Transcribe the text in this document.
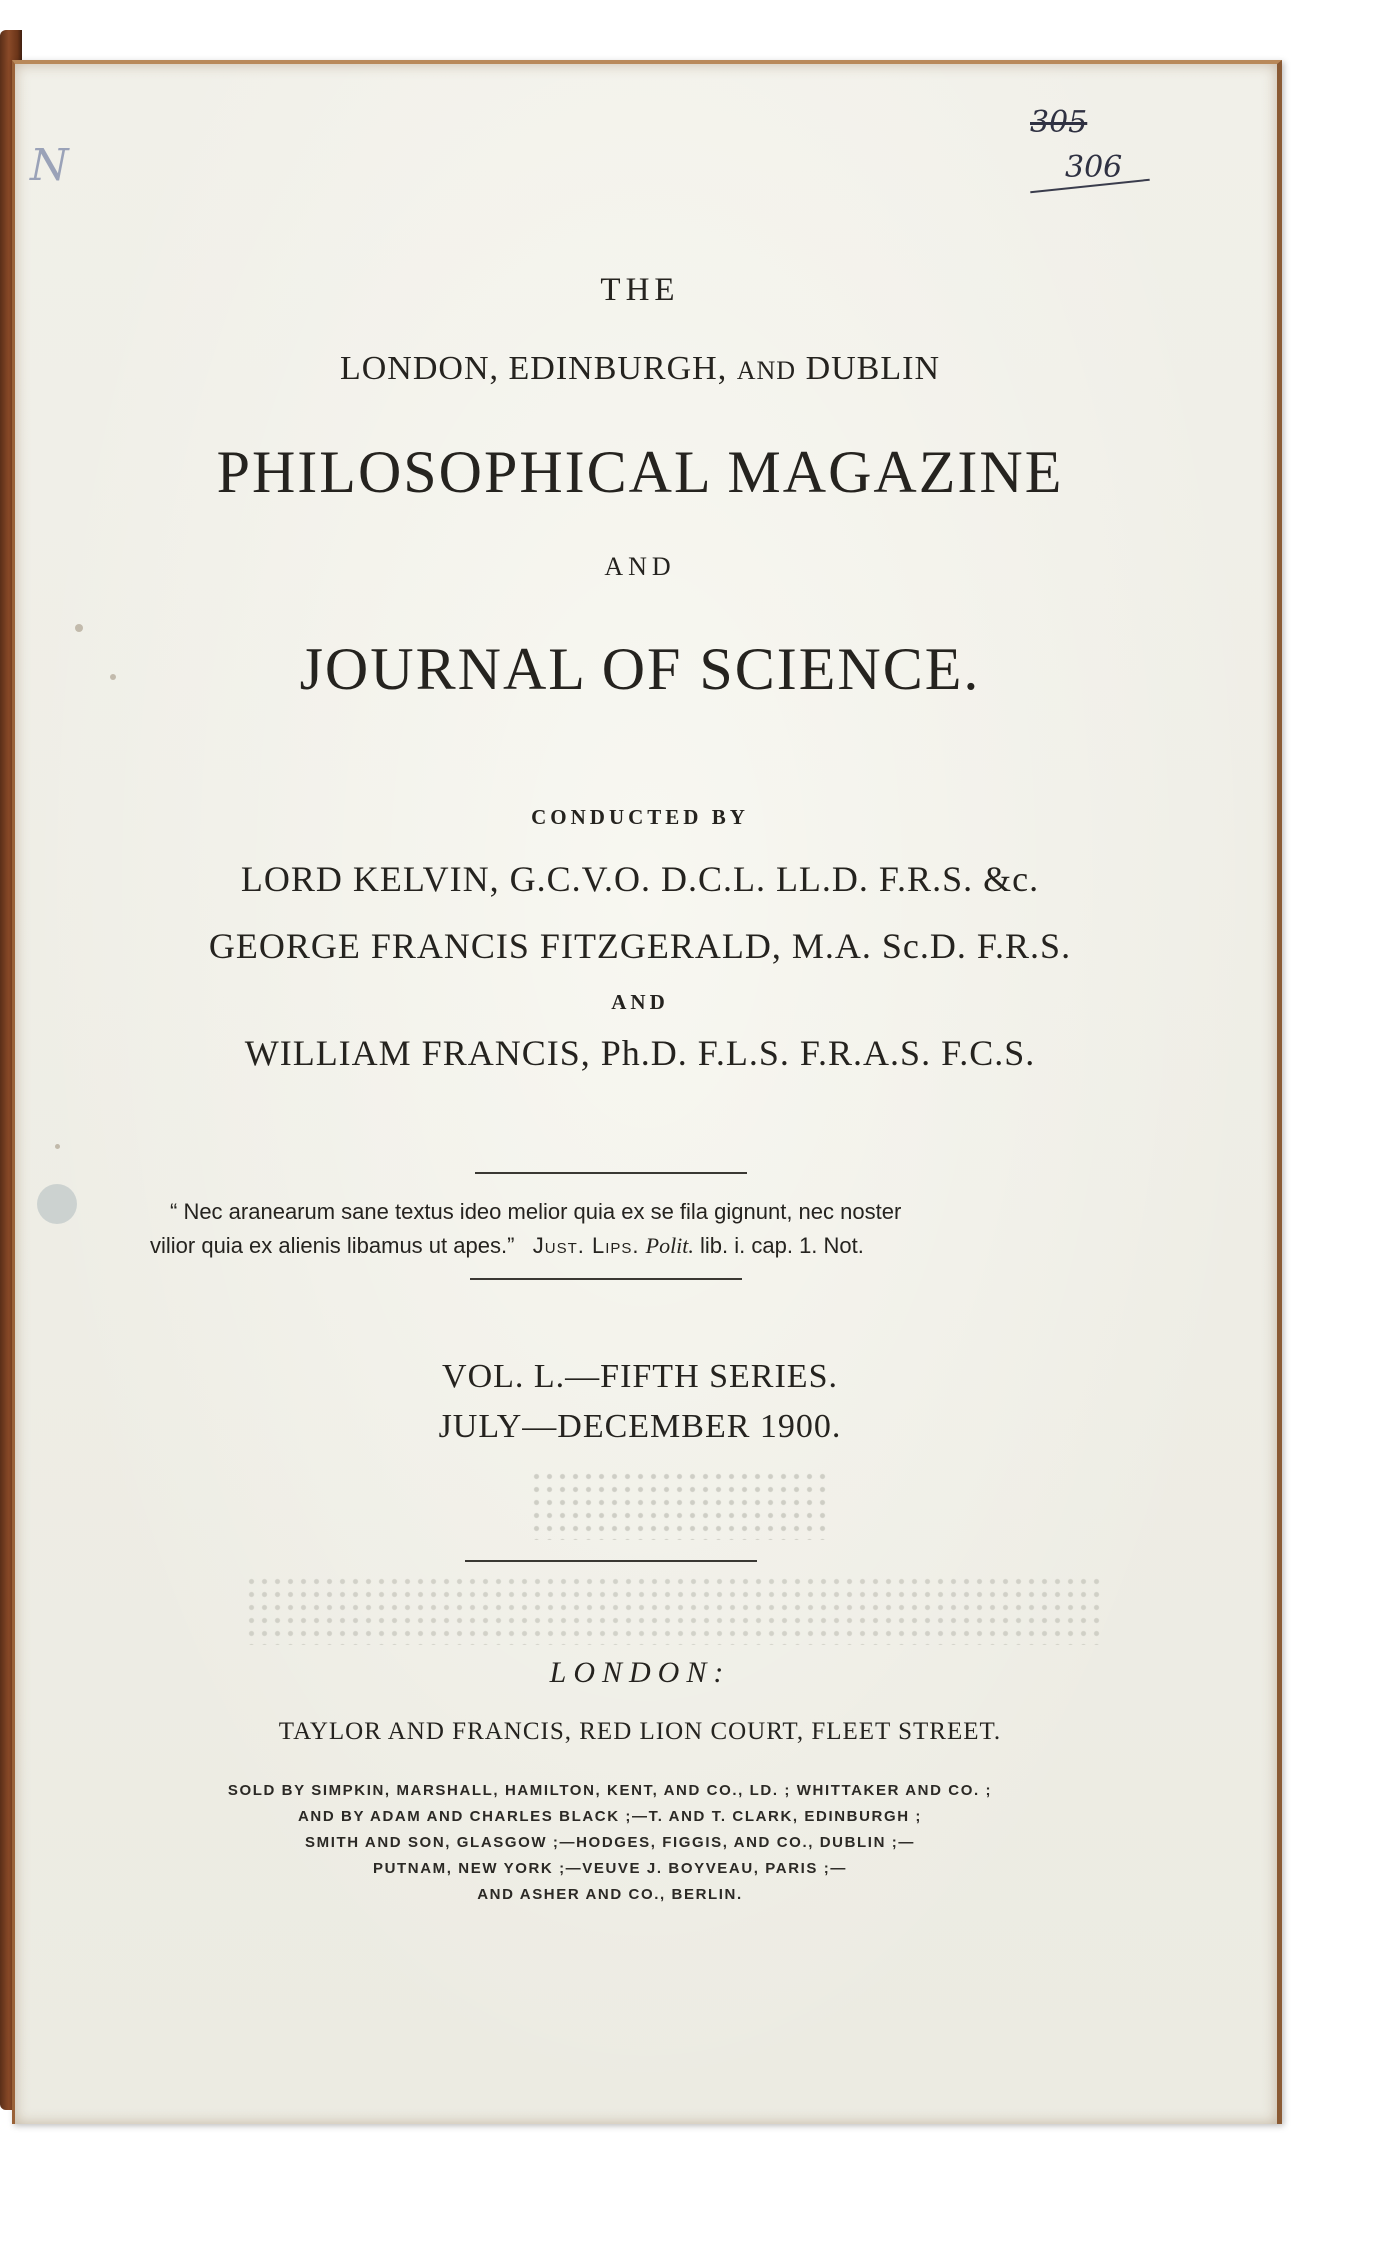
N
305
306
THE
LONDON, EDINBURGH, AND DUBLIN
PHILOSOPHICAL MAGAZINE
AND
JOURNAL OF SCIENCE.
CONDUCTED BY
LORD KELVIN, G.C.V.O. D.C.L. LL.D. F.R.S. &c.
GEORGE FRANCIS FITZGERALD, M.A. Sc.D. F.R.S.
AND
WILLIAM FRANCIS, Ph.D. F.L.S. F.R.A.S. F.C.S.
“ Nec aranearum sane textus ideo melior quia ex se fila gignunt, nec noster
vilior quia ex alienis libamus ut apes.” Just. Lips. Polit. lib. i. cap. 1. Not.
VOL. L.—FIFTH SERIES.
JULY—DECEMBER 1900.
LONDON:
TAYLOR AND FRANCIS, RED LION COURT, FLEET STREET.
SOLD BY SIMPKIN, MARSHALL, HAMILTON, KENT, AND CO., LD. ; WHITTAKER AND CO. ;
AND BY ADAM AND CHARLES BLACK ;—T. AND T. CLARK, EDINBURGH ;
SMITH AND SON, GLASGOW ;—HODGES, FIGGIS, AND CO., DUBLIN ;—
PUTNAM, NEW YORK ;—VEUVE J. BOYVEAU, PARIS ;—
AND ASHER AND CO., BERLIN.
